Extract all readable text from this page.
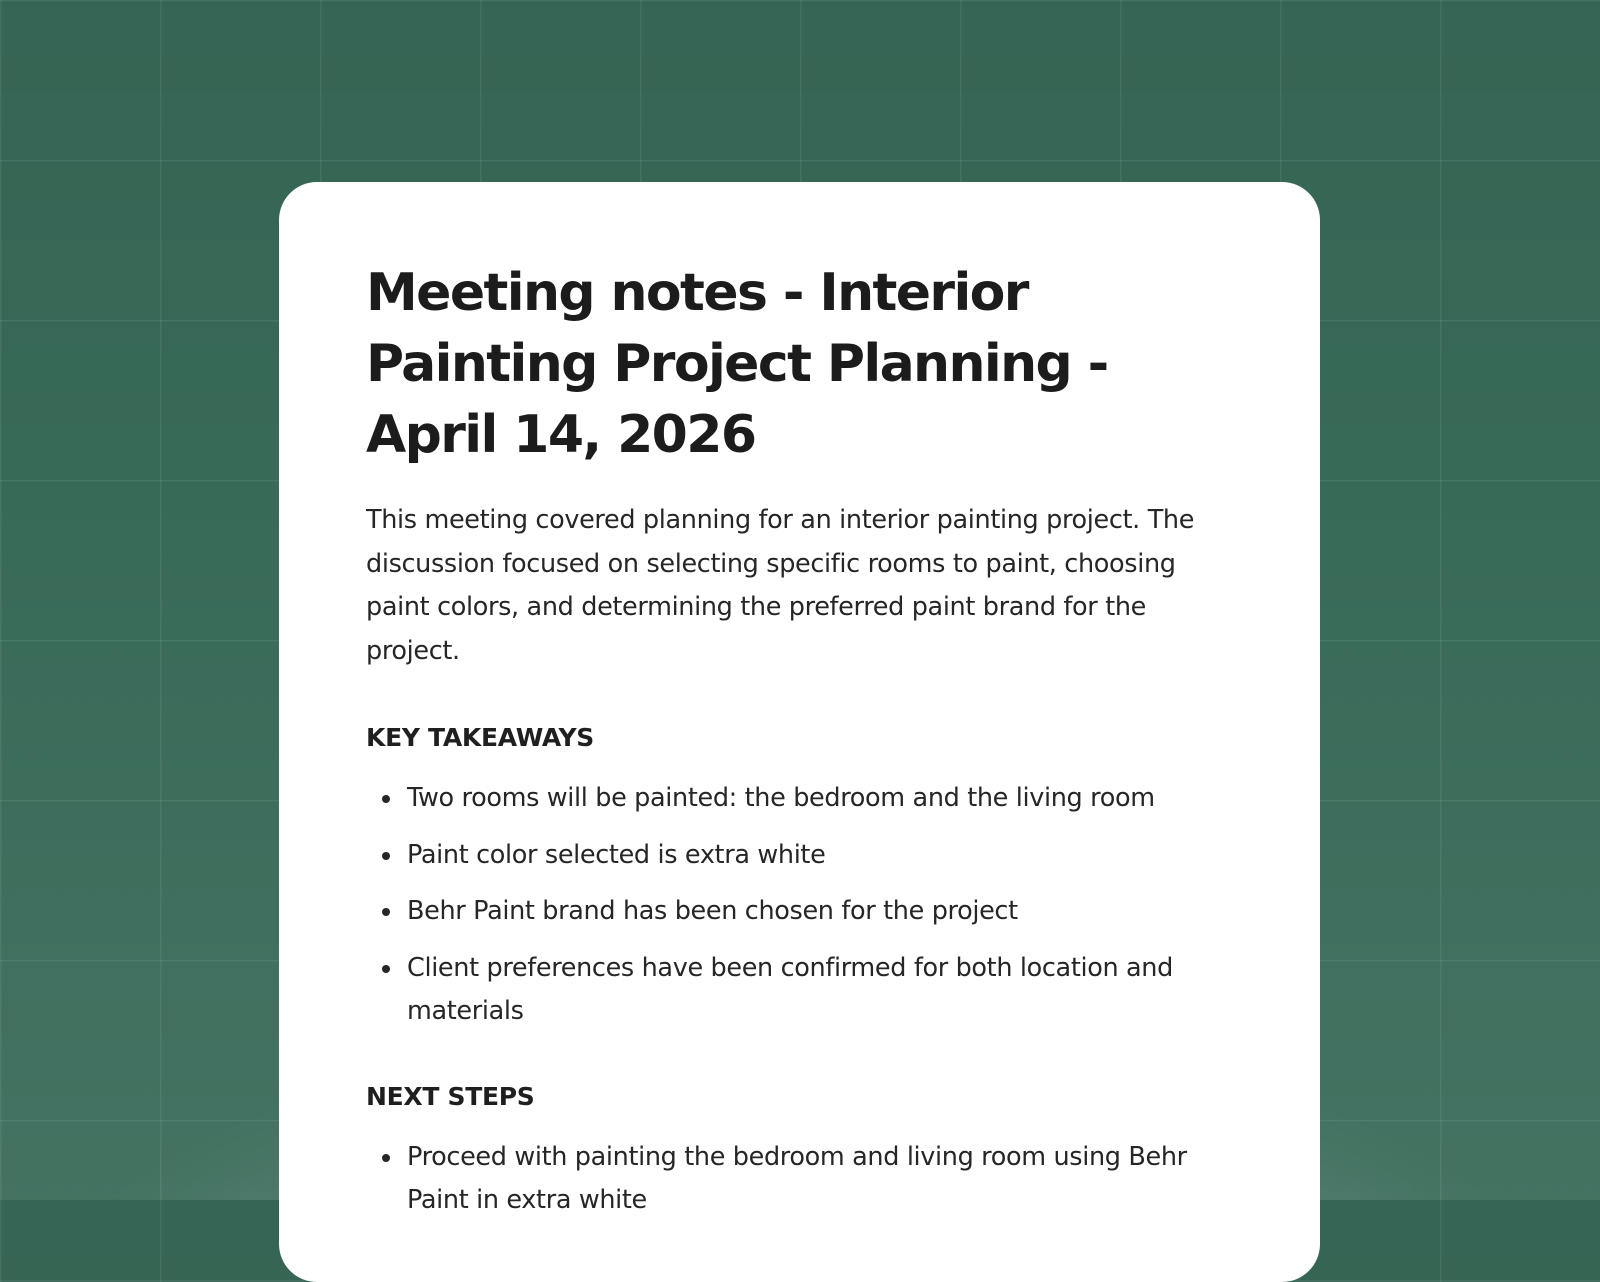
Meeting notes - Interior Painting Project Planning - April 14, 2026

This meeting covered planning for an interior painting project. The discussion focused on selecting specific rooms to paint, choosing paint colors, and determining the preferred paint brand for the project.

KEY TAKEAWAYS
Two rooms will be painted: the bedroom and the living room
Paint color selected is extra white
Behr Paint brand has been chosen for the project
Client preferences have been confirmed for both location and materials
NEXT STEPS
Proceed with painting the bedroom and living room using Behr Paint in extra white
